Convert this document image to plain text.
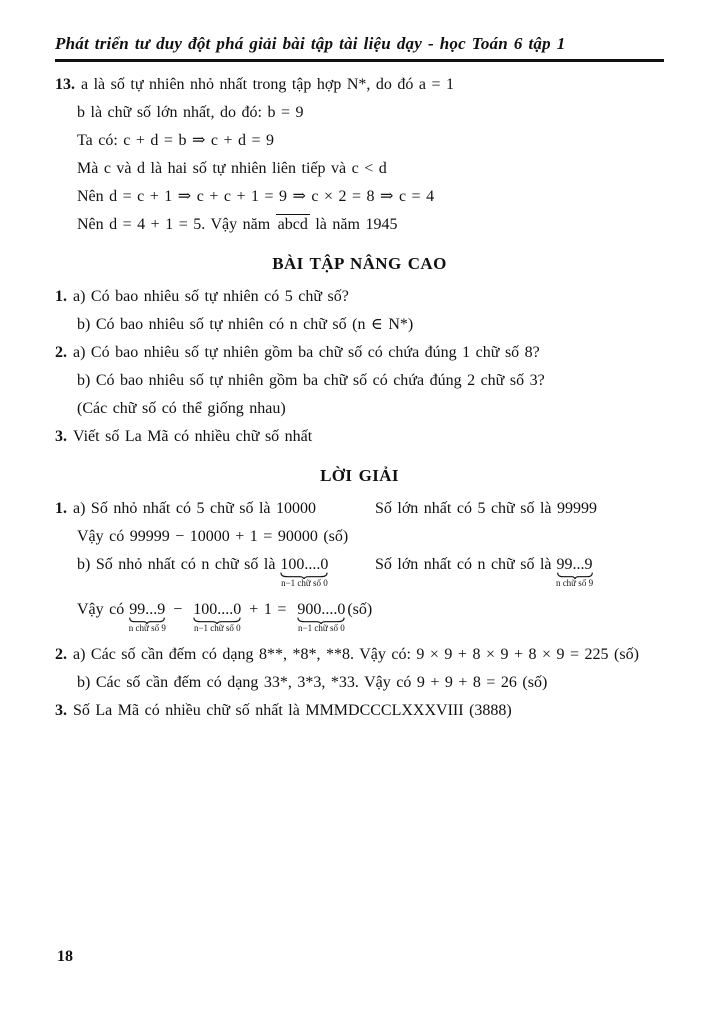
Phát triển tư duy đột phá giải bài tập tài liệu dạy - học Toán 6 tập 1
13. a là số tự nhiên nhỏ nhất trong tập hợp N*, do đó a = 1
b là chữ số lớn nhất, do đó: b = 9
Ta có: c + d = b ⇒ c + d = 9
Mà c và d là hai số tự nhiên liên tiếp và c < d
Nên d = c + 1 ⇒ c + c + 1 = 9 ⇒ c × 2 = 8 ⇒ c = 4
Nên d = 4 + 1 = 5. Vậy năm abcd là năm 1945
BÀI TẬP NÂNG CAO
1. a) Có bao nhiêu số tự nhiên có 5 chữ số?
b) Có bao nhiêu số tự nhiên có n chữ số (n ∈ N*)
2. a) Có bao nhiêu số tự nhiên gồm ba chữ số có chứa đúng 1 chữ số 8?
b) Có bao nhiêu số tự nhiên gồm ba chữ số có chứa đúng 2 chữ số 3?
(Các chữ số có thể giống nhau)
3. Viết số La Mã có nhiều chữ số nhất
LỜI GIẢI
1. a) Số nhỏ nhất có 5 chữ số là 10000	Số lớn nhất có 5 chữ số là 99999
Vậy có 99999 − 10000 + 1 = 90000 (số)
b) Số nhỏ nhất có n chữ số là 100....0
n−1 chữ số 0
Số lớn nhất có n chữ số là 99...9
n chữ số 9
Vậy có 99...9
n chữ số 9
− 100....0
n−1 chữ số 0
+ 1 = 900....0
n−1 chữ số 0
(số)
2. a) Các số cần đếm có dạng 8**, *8*, **8. Vậy có: 9 × 9 + 8 × 9 + 8 × 9 = 225 (số)
b) Các số cần đếm có dạng 33*, 3*3, *33. Vậy có 9 + 9 + 8 = 26 (số)
3. Số La Mã có nhiều chữ số nhất là MMMDCCCLXXXVIII (3888)
18
